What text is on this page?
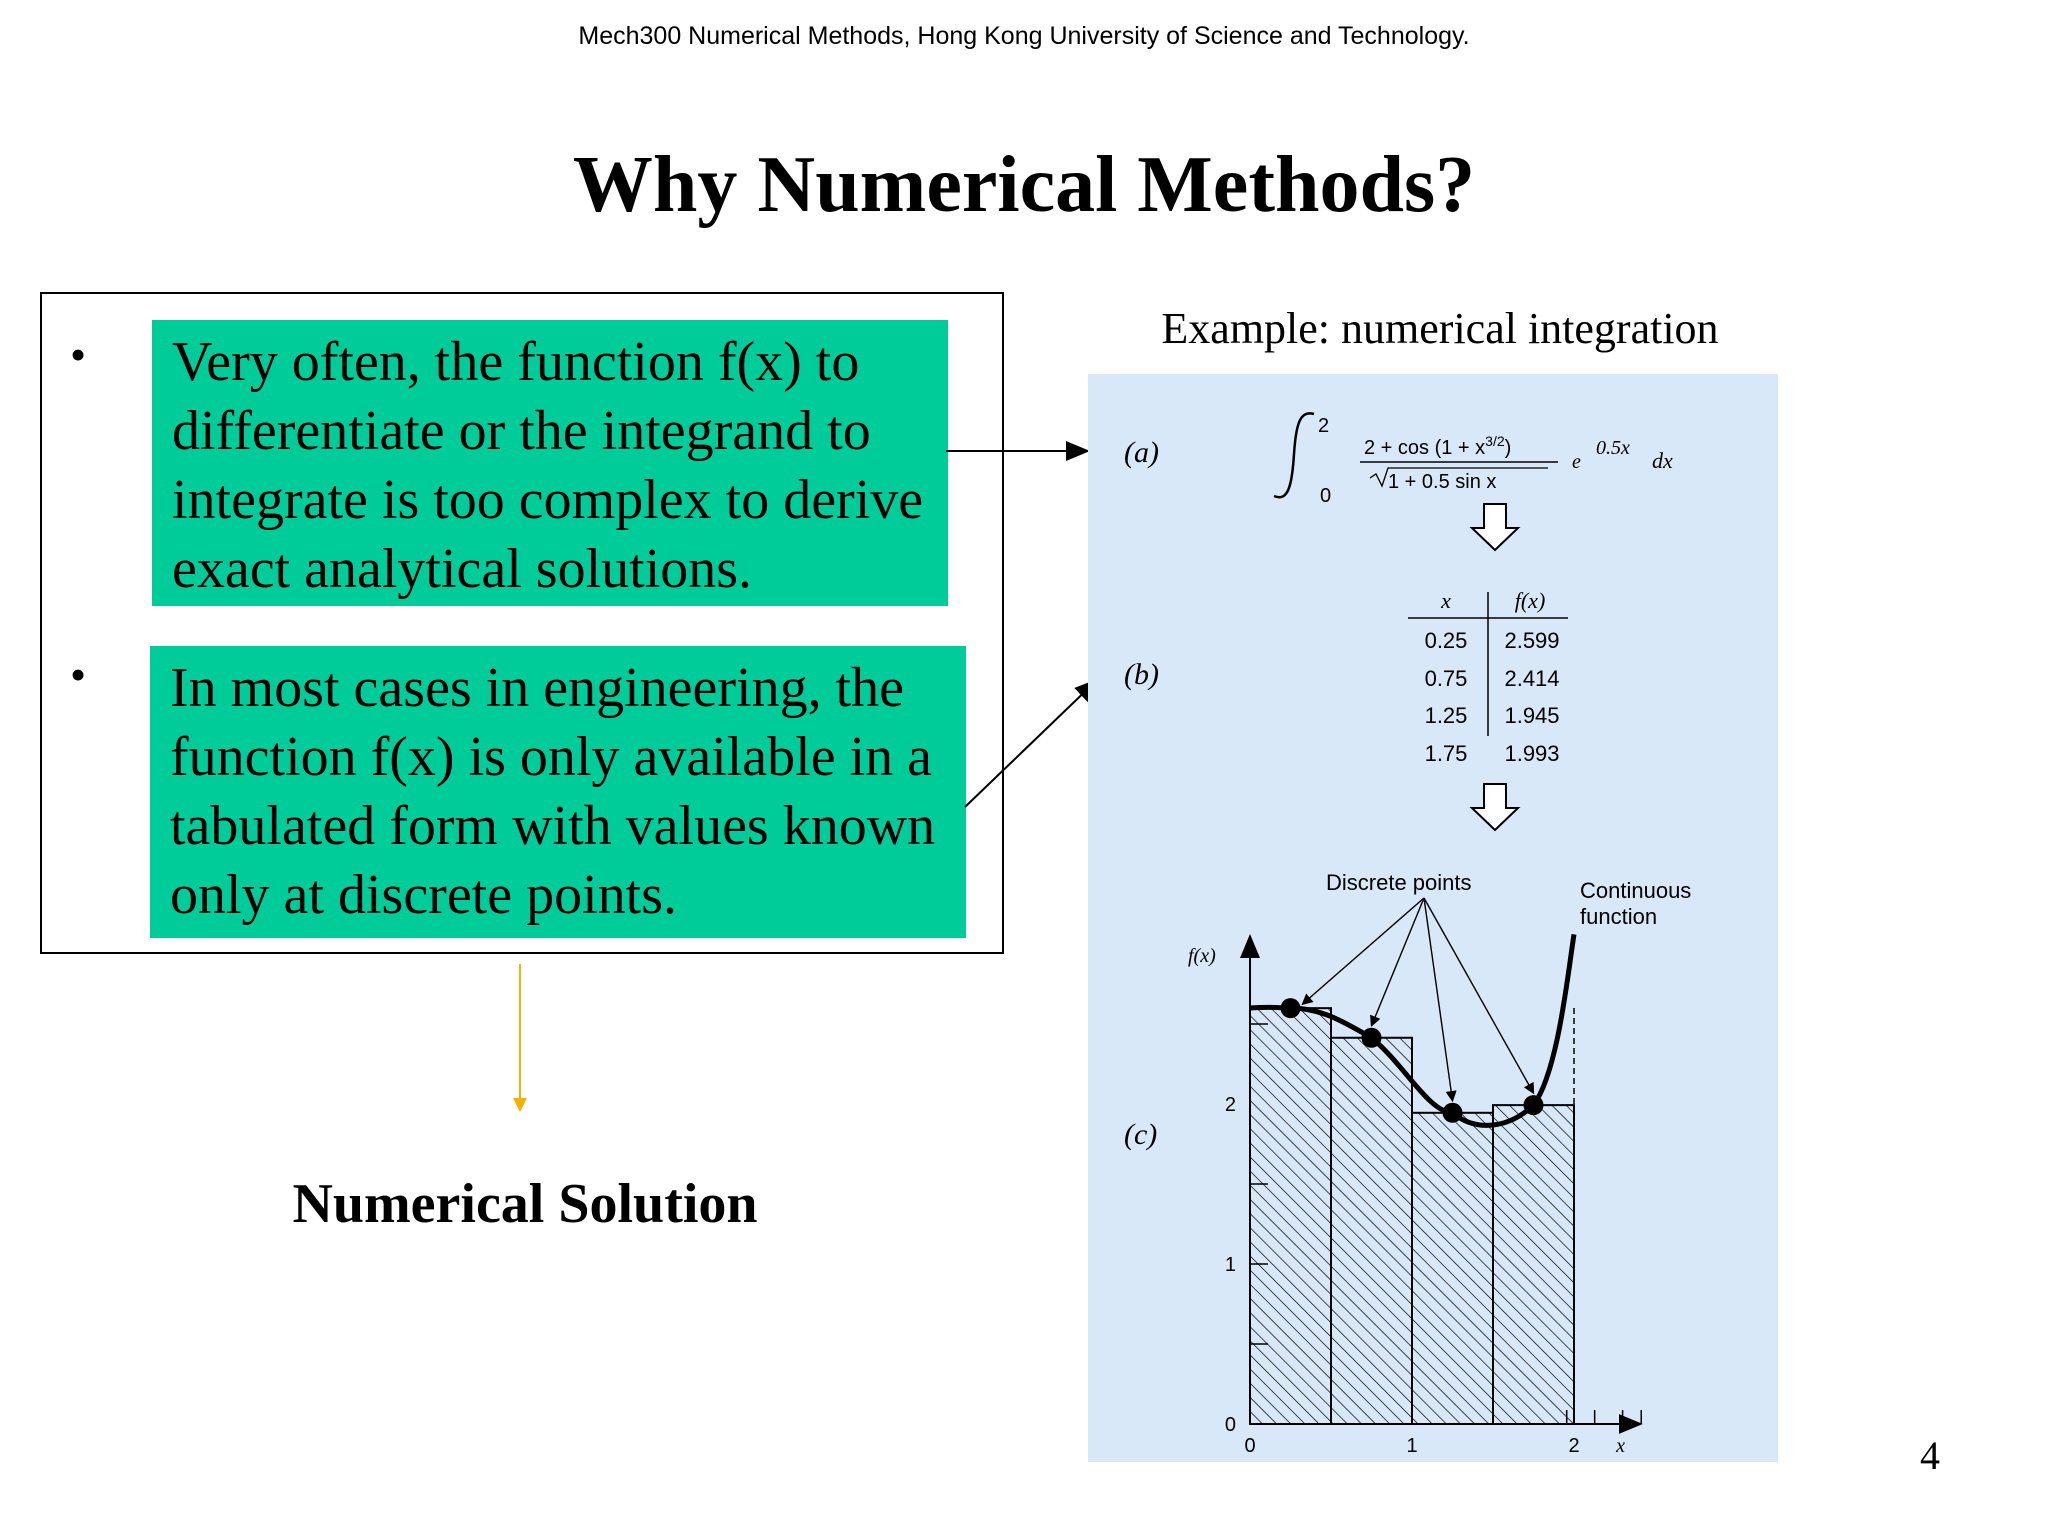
Mech300 Numerical Methods, Hong Kong University of Science and Technology.
Why Numerical Methods?
• Very often, the function f(x) to
differentiate or the integrand to
integrate is too complex to derive
exact analytical solutions.
• In most cases in engineering, the
function f(x) is only available in a
tabulated form with values known
only at discrete points.
Numerical Solution
Example: numerical integration
(a)
(b)
(c)
2
0
$2 + \cos (1 + x^{3/2})$
1 + 0.5 sin x
e
0.5x dx
x	f(x)
0.25 2.599
0.75 2.414
1.25 1.945
1.75 1.993
0
1
2
0	1	2 x
f(x)
Discrete points	Continuous function
4
